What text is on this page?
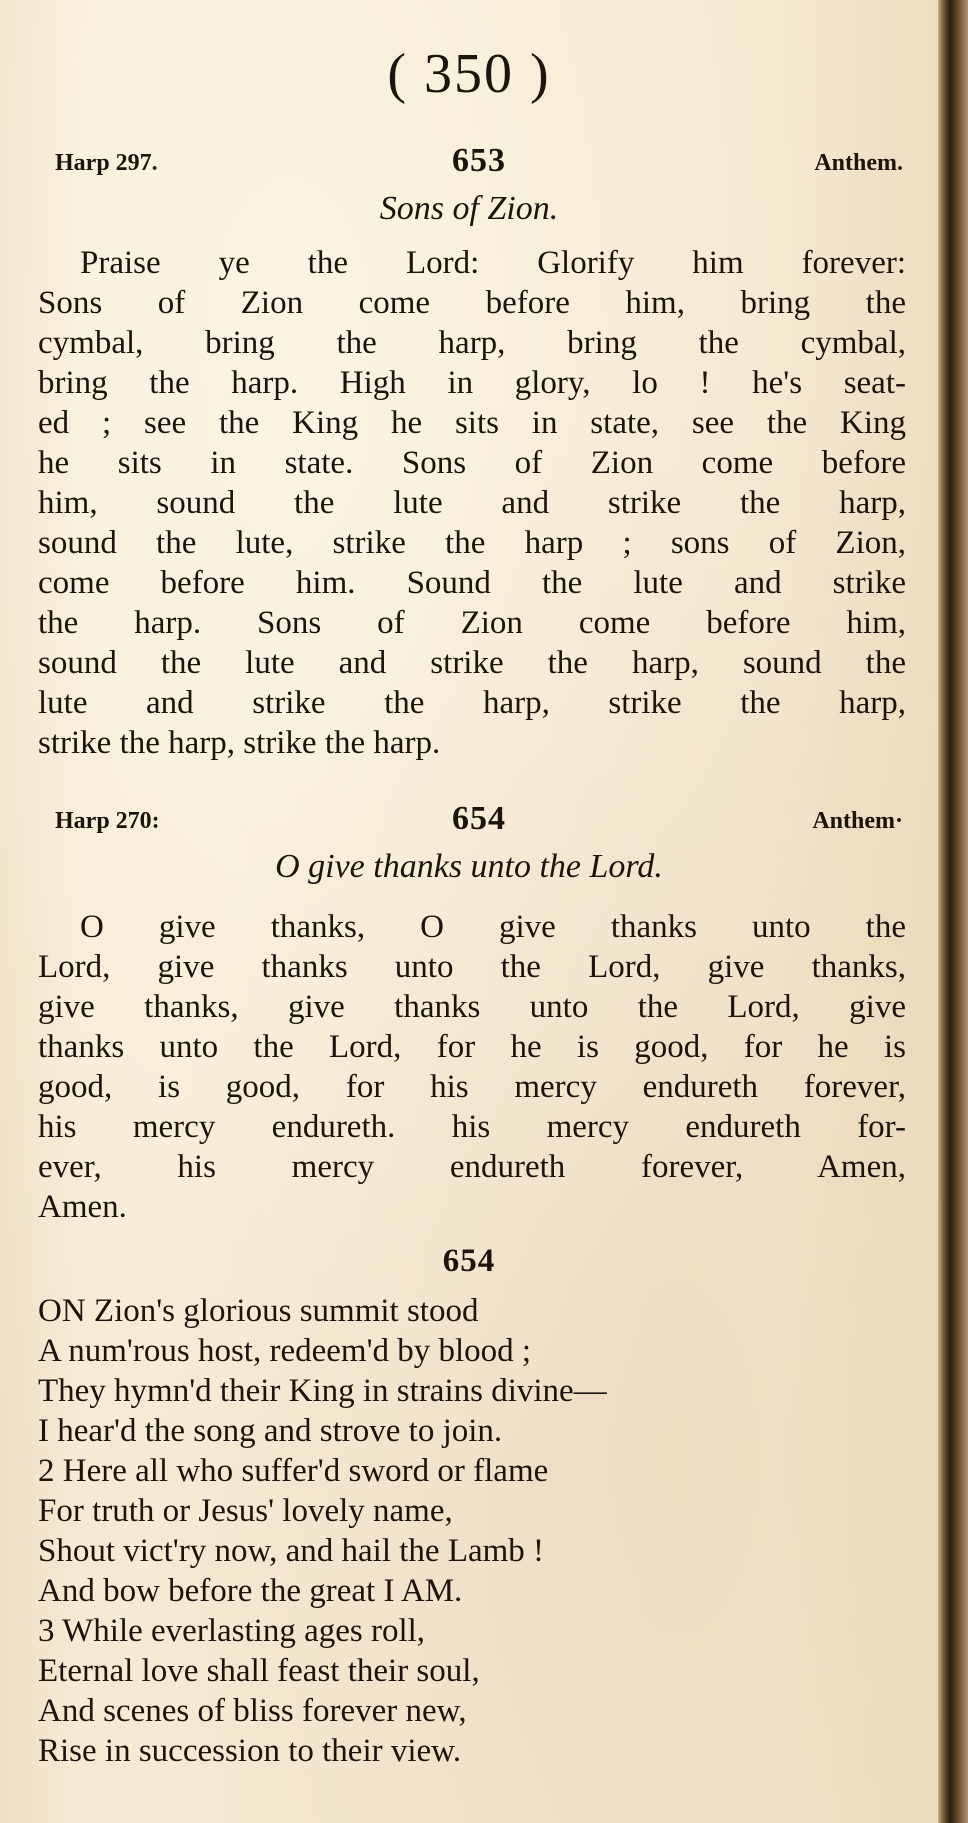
( 350 )
Harp 297.	653	Anthem.
Sons of Zion.
Praise ye the Lord: Glorify him forever:
Sons of Zion come before him, bring the
cymbal, bring the harp, bring the cymbal,
bring the harp. High in glory, lo ! he's seat-
ed ; see the King he sits in state, see the King
he sits in state. Sons of Zion come before
him, sound the lute and strike the harp,
sound the lute, strike the harp ; sons of Zion,
come before him. Sound the lute and strike
the harp. Sons of Zion come before him,
sound the lute and strike the harp, sound the
lute and strike the harp, strike the harp,
strike the harp, strike the harp.
Harp 270:	654	Anthem·
O give thanks unto the Lord.
O give thanks, O give thanks unto the
Lord, give thanks unto the Lord, give thanks,
give thanks, give thanks unto the Lord, give
thanks unto the Lord, for he is good, for he is
good, is good, for his mercy endureth forever,
his mercy endureth. his mercy endureth for-
ever, his mercy endureth forever, Amen,
Amen.
654
ON Zion's glorious summit stood
A num'rous host, redeem'd by blood ;
They hymn'd their King in strains divine—
I hear'd the song and strove to join.
2 Here all who suffer'd sword or flame
For truth or Jesus' lovely name,
Shout vict'ry now, and hail the Lamb !
And bow before the great I AM.
3 While everlasting ages roll,
Eternal love shall feast their soul,
And scenes of bliss forever new,
Rise in succession to their view.
